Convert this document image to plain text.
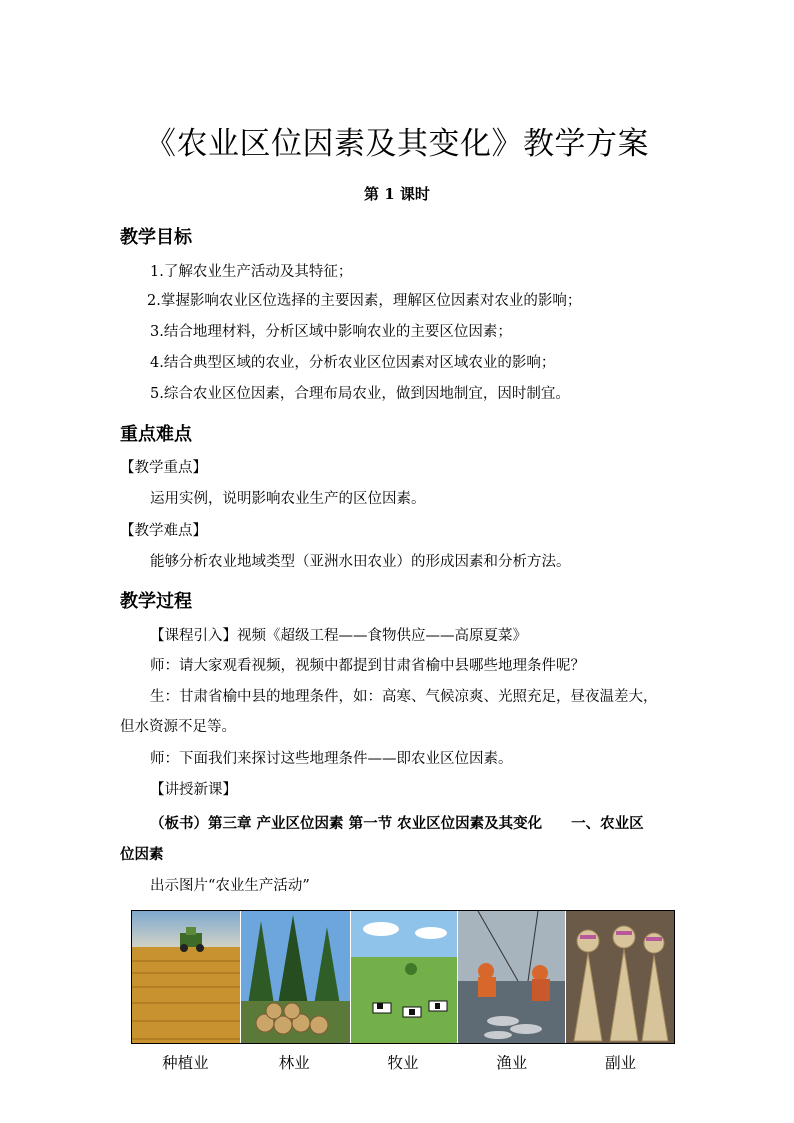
《农业区位因素及其变化》教学方案
第 1 课时
教学目标
1.了解农业生产活动及其特征；
2.掌握影响农业区位选择的主要因素，理解区位因素对农业的影响；
3.结合地理材料，分析区域中影响农业的主要区位因素；
4.结合典型区域的农业，分析农业区位因素对区域农业的影响；
5.综合农业区位因素，合理布局农业，做到因地制宜，因时制宜。
重点难点
【教学重点】
运用实例，说明影响农业生产的区位因素。
【教学难点】
能够分析农业地域类型（亚洲水田农业）的形成因素和分析方法。
教学过程
【课程引入】视频《超级工程——食物供应——高原夏菜》
师：请大家观看视频，视频中都提到甘肃省榆中县哪些地理条件呢？
生：甘肃省榆中县的地理条件，如：高寒、气候凉爽、光照充足，昼夜温差大，
但水资源不足等。
师：下面我们来探讨这些地理条件——即农业区位因素。
【讲授新课】
（板书）第三章 产业区位因素 第一节 农业区位因素及其变化　　一、农业区
位因素
出示图片“农业生产活动”
种植业	林业	牧业	渔业	副业
